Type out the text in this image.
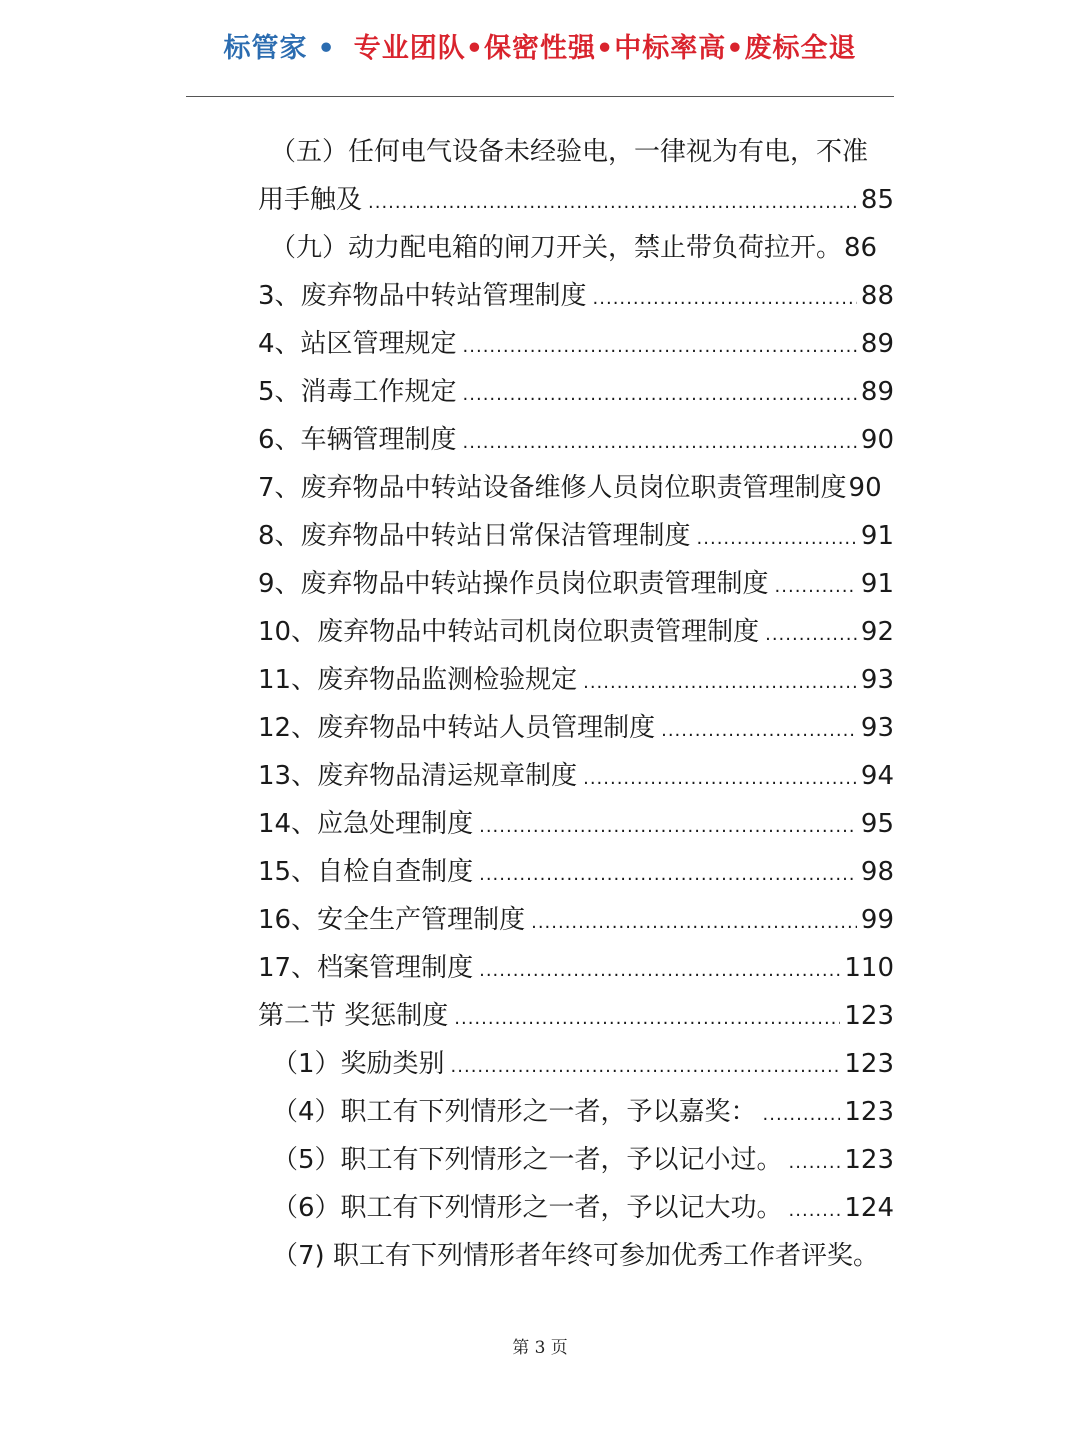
标管家 • 专业团队•保密性强•中标率高•废标全退
（五）任何电气设备未经验电，一律视为有电，不准
用手触及 .....	85
（九）动力配电箱的闸刀开关，禁止带负荷拉开。 86
3、废弃物品中转站管理制度 .....	88
4、站区管理规定 .....	89
5、消毒工作规定 .....	89
6、车辆管理制度 .....	90
7、废弃物品中转站设备维修人员岗位职责管理制度 90
8、废弃物品中转站日常保洁管理制度 .....	91
9、废弃物品中转站操作员岗位职责管理制度 .....	91
10、废弃物品中转站司机岗位职责管理制度 .....	92
11、废弃物品监测检验规定 .....	93
12、废弃物品中转站人员管理制度 .....	93
13、废弃物品清运规章制度 .....	94
14、应急处理制度 .....	95
15、自检自查制度 .....	98
16、安全生产管理制度 .....	99
17、档案管理制度 .....	110
第二节 奖惩制度 .....	123
（1）奖励类别 .....	123
（4）职工有下列情形之一者，予以嘉奖： .....	123
（5）职工有下列情形之一者，予以记小过。 ..... 123
（6）职工有下列情形之一者，予以记大功。 ..... 124
（7) 职工有下列情形者年终可参加优秀工作者评奖。
第 3 页
